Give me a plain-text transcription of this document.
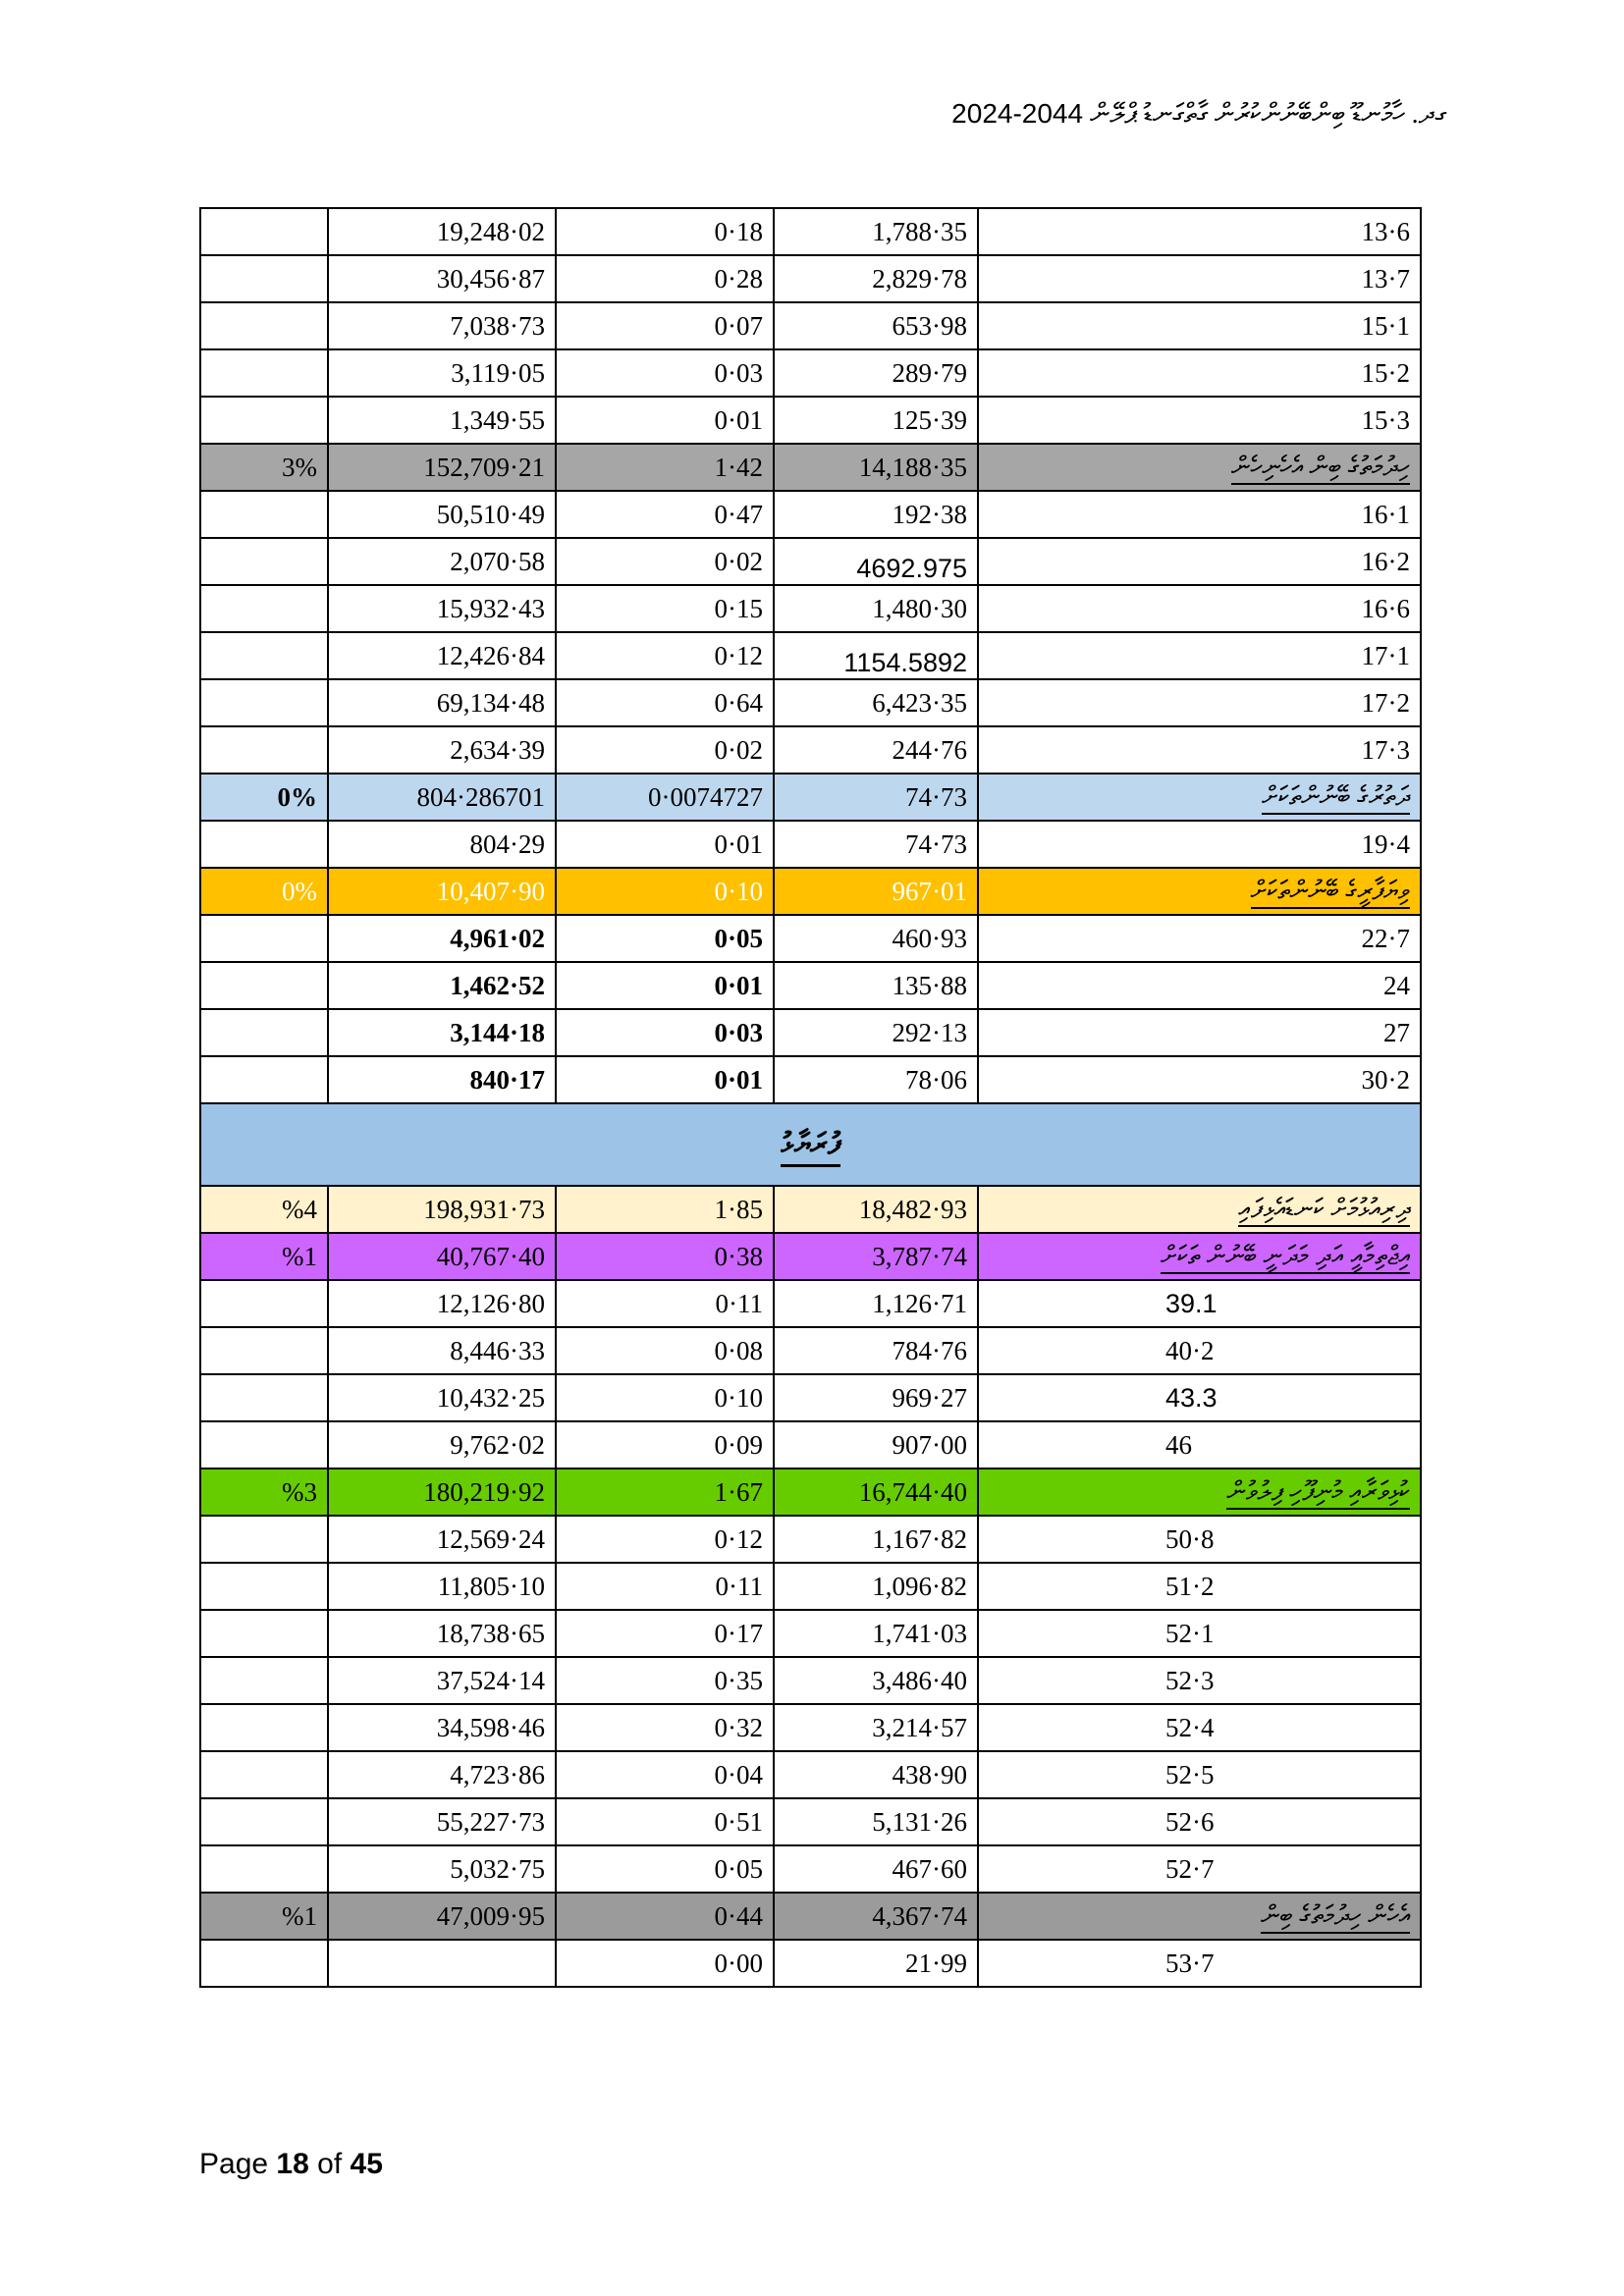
ގދ. ހާމުނޑޫ ބިންބޭނުންކުރުން ގާތްގަނޑު ޕްލޭން 2024-2044
	19,248·02	0·18	1,788·35	13·6
	30,456·87	0·28	2,829·78	13·7
	7,038·73	0·07	653·98	15·1
	3,119·05	0·03	289·79	15·2
	1,349·55	0·01	125·39	15·3
3%	152,709·21	1·42	14,188·35	ހިދުމަތުގެ ބިން އެހެނިހެން
	50,510·49	0·47	192·38	16·1
	2,070·58	0·02	4692.975	16·2
	15,932·43	0·15	1,480·30	16·6
	12,426·84	0·12	1154.5892	17·1
	69,134·48	0·64	6,423·35	17·2
	2,634·39	0·02	244·76	17·3
0%	804·286701	0·0074727	74·73	ދަތުރުގެ ބޭނުންތަކަށް
	804·29	0·01	74·73	19·4
0%	10,407·90	0·10	967·01	ވިޔަފާރީގެ ބޭނުންތަކަށް
	4,961·02	0·05	460·93	22·7
	1,462·52	0·01	135·88	24
	3,144·18	0·03	292·13	27
	840·17	0·01	78·06	30·2
ފުރަޔާޅު				
%4	198,931·73	1·85	18,482·93	ދިރިއުޅުމަށް ކަނޑައެޅިފައި
%1	40,767·40	0·38	3,787·74	އިޖްތިމާއީ އަދި މަދަނީ ބޭނުން ތަކަށް
	12,126·80	0·11	1,126·71	39.1
	8,446·33	0·08	784·76	40·2
	10,432·25	0·10	969·27	43.3
	9,762·02	0·09	907·00	46
%3	180,219·92	1·67	16,744·40	ކުޅިވަރާއި މުނިފޫހި ފިލުވުން
	12,569·24	0·12	1,167·82	50·8
	11,805·10	0·11	1,096·82	51·2
	18,738·65	0·17	1,741·03	52·1
	37,524·14	0·35	3,486·40	52·3
	34,598·46	0·32	3,214·57	52·4
	4,723·86	0·04	438·90	52·5
	55,227·73	0·51	5,131·26	52·6
	5,032·75	0·05	467·60	52·7
%1	47,009·95	0·44	4,367·74	އެހެން ހިދުމަތުގެ ބިން
		0·00	21·99	53·7
Page 18 of 45
